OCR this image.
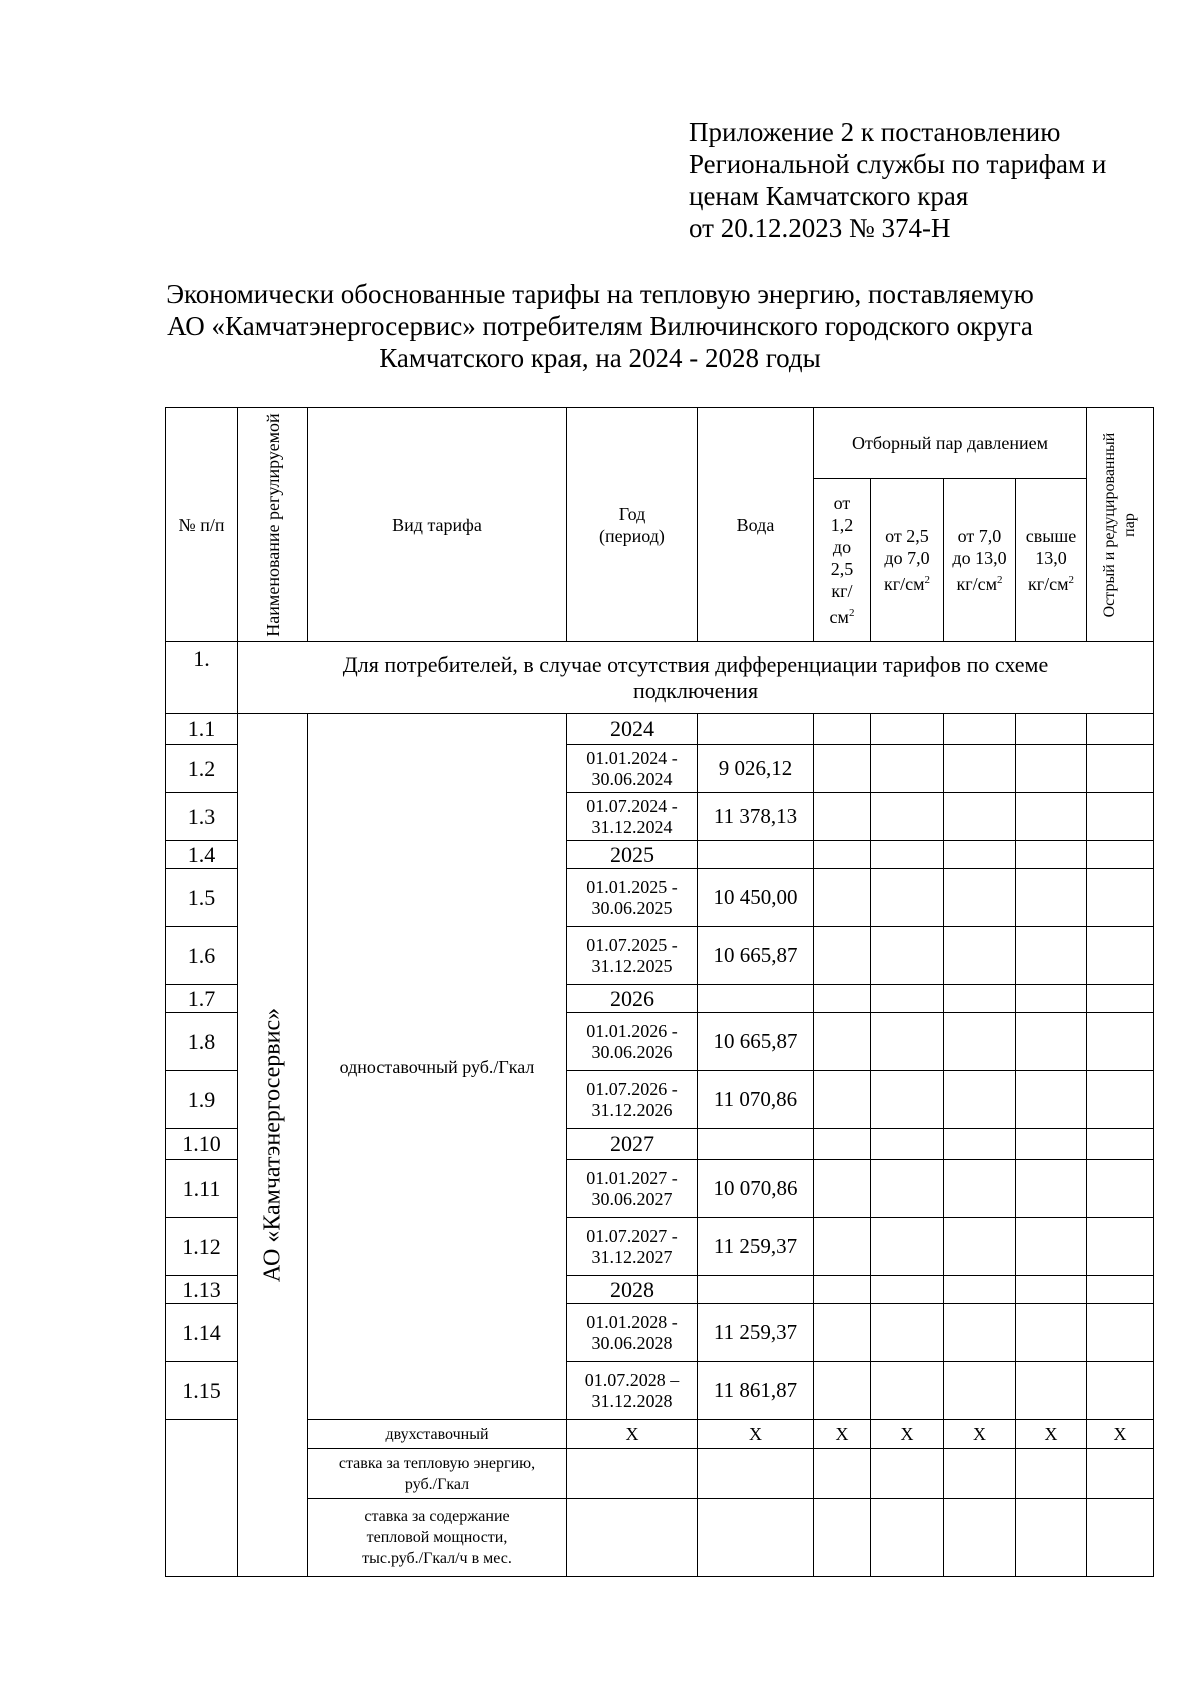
Приложение 2 к постановлению
Региональной службы по тарифам и
ценам Камчатского края
от 20.12.2023 № 374-Н
Экономически обоснованные тарифы на тепловую энергию, поставляемую
АО «Камчатэнергосервис» потребителям Вилючинского городского округа
Камчатского края, на 2024 - 2028 годы
№ п/п	Наименование регулируемой	Вид тарифа	Год (период)	Вода	Отборный пар давлением				Острый и редуцированный пар

					от 1,2 до 2,5 $кг/см^2$	от 2,5 до 7,0 $кг/см^2$	от 7,0 до 13,0 $кг/см^2$	свыше 13,0 $кг/см^2$

1.	Для потребителей, в случае отсутствия дифференциации тарифов по схеме подключения								

1.1	АО «Камчатэнергосервис»	одноставочный руб./Гкал	2024						
1.2			01.01.2024 - 30.06.2024	9 026,12					
1.3			01.07.2024 - 31.12.2024	11 378,13					
1.4			2025						
1.5			01.01.2025 - 30.06.2025	10 450,00					
1.6			01.07.2025 - 31.12.2025	10 665,87					
1.7			2026						
1.8			01.01.2026 - 30.06.2026	10 665,87					
1.9			01.07.2026 - 31.12.2026	11 070,86					
1.10			2027						
1.11			01.01.2027 - 30.06.2027	10 070,86					
1.12			01.07.2027 - 31.12.2027	11 259,37					
1.13			2028						
1.14			01.01.2028 - 30.06.2028	11 259,37					
1.15			01.07.2028 – 31.12.2028	11 861,87					
		двухставочный	X	X	X	X	X	X	X

		ставка за тепловую энергию, руб./Гкал							

		ставка за содержание тепловой мощности, тыс.руб./Гкал/ч в мес.							
